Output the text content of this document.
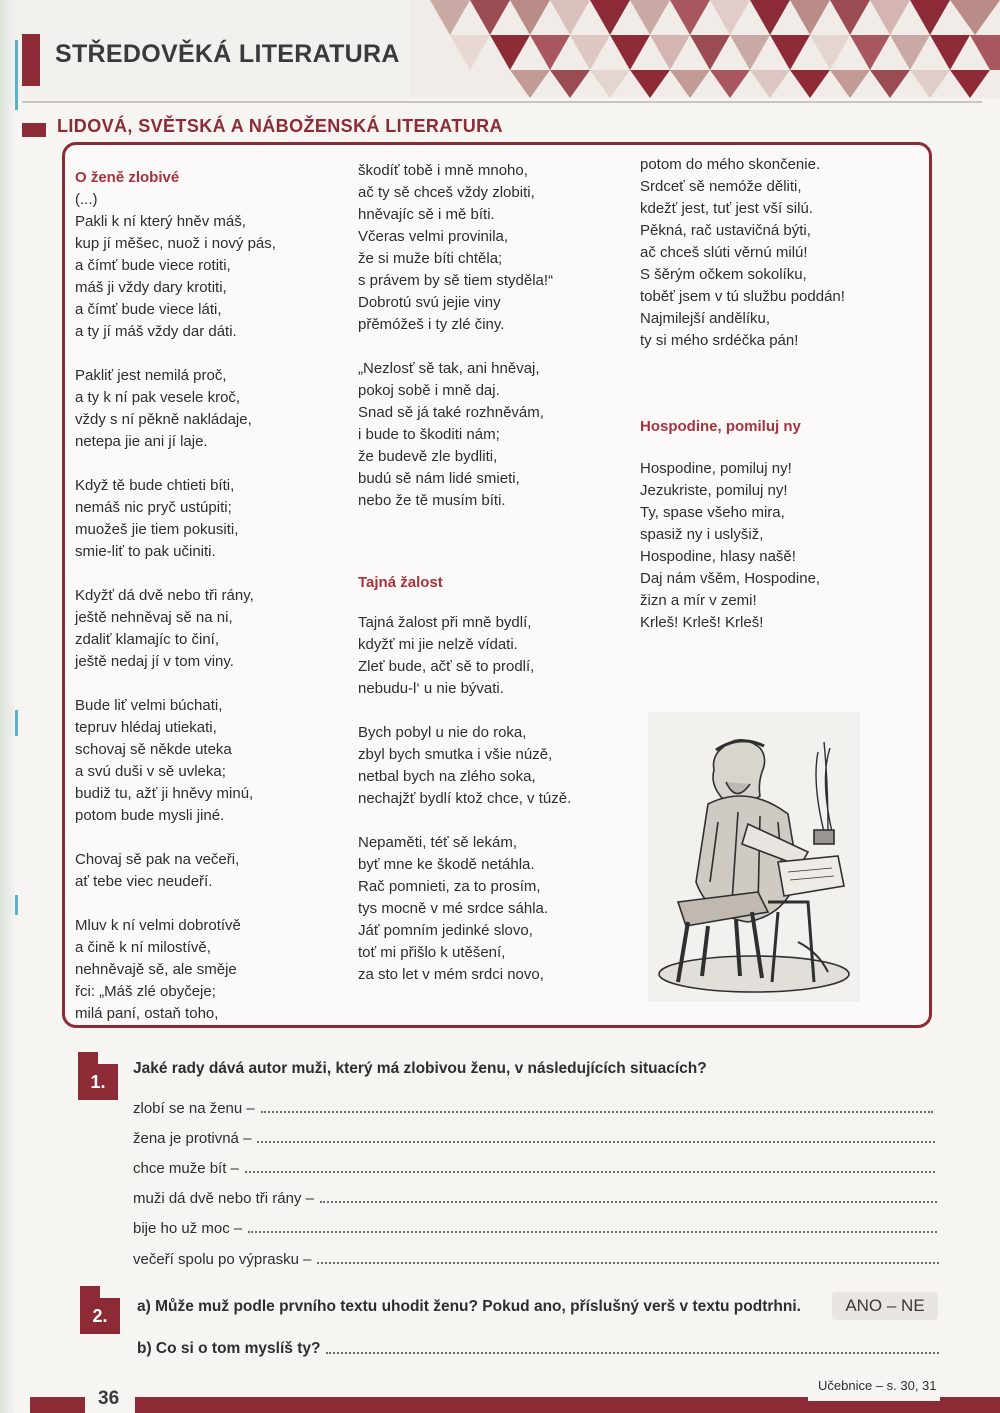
STŘEDOVĚKÁ LITERATURA
LIDOVÁ, SVĚTSKÁ A NÁBOŽENSKÁ LITERATURA
O ženě zlobivé
(...)
Pakli k ní který hněv máš,
kup jí měšec, nuož i nový pás,
a čímť bude viece rotiti,
máš ji vždy dary krotiti,
a čímť bude viece láti,
a ty jí máš vždy dar dáti.
Pakliť jest nemilá proč,
a ty k ní pak vesele kroč,
vždy s ní pěkně nakládaje,
netepa jie ani jí laje.
Když tě bude chtieti bíti,
nemáš nic pryč ustúpiti;
muožeš jie tiem pokusiti,
smie-liť to pak učiniti.
Kdyžť dá dvě nebo tři rány,
ještě nehněvaj sě na ni,
zdaliť klamajíc to činí,
ještě nedaj jí v tom viny.
Bude liť velmi búchati,
tepruv hlédaj utiekati,
schovaj sě někde uteka
a svú duši v sě uvleka;
budiž tu, ažť ji hněvy minú,
potom bude mysli jiné.
Chovaj sě pak na večeři,
ať tebe viec neudeří.
Mluv k ní velmi dobrotívě
a čině k ní milostívě,
nehněvajě sě, ale směje
řci: „Máš zlé obyčeje;
milá paní, ostaň toho,
škodíť tobě i mně mnoho,
ač ty sě chceš vždy zlobiti,
hněvajíc sě i mě bíti.
Včeras velmi provinila,
že si muže bíti chtěla;
s právem by sě tiem styděla!“
Dobrotú svú jejie viny
přěmóžeš i ty zlé činy.
„Nezlosť sě tak, ani hněvaj,
pokoj sobě i mně daj.
Snad sě já také rozhněvám,
i bude to škoditi nám;
že budevě zle bydliti,
budú sě nám lidé smieti,
nebo že tě musím bíti.
Tajná žalost
Tajná žalost při mně bydlí,
kdyžť mi jie nelzě vídati.
Zleť bude, ačť sě to prodlí,
nebudu-l‘ u nie bývati.
Bych pobyl u nie do roka,
zbyl bych smutka i všie núzě,
netbal bych na zlého soka,
nechajžť bydlí ktož chce, v túzě.
Nepaměti, téť sě lekám,
byť mne ke škodě netáhla.
Rač pomnieti, za to prosím,
tys mocně v mé srdce sáhla.
Jáť pomním jedinké slovo,
toť mi přišlo k utěšení,
za sto let v mém srdci novo,
potom do mého skončenie.
Srdceť sě nemóže děliti,
kdežť jest, tuť jest vší silú.
Pěkná, rač ustavičná býti,
ač chceš slúti věrnú milú!
S šěrým očkem sokolíku,
toběť jsem v tú službu poddán!
Najmilejší andělíku,
ty si mého srdéčka pán!
Hospodine, pomiluj ny
Hospodine, pomiluj ny!
Jezukriste, pomiluj ny!
Ty, spase všeho mira,
spasiž ny i uslyšiž,
Hospodine, hlasy našě!
Daj nám všěm, Hospodine,
žizn a mír v zemi!
Krleš! Krleš! Krleš!
1.
Jaké rady dává autor muži, který má zlobivou ženu, v následujících situacích?
zlobí se na ženu –
žena je protivná –
chce muže bít –
muži dá dvě nebo tři rány –
bije ho už moc –
večeří spolu po výprasku –
2.	a) Může muž podle prvního textu uhodit ženu? Pokud ano, příslušný verš v textu podtrhni.	ANO – NE
b) Co si o tom myslíš ty?
36
Učebnice – s. 30, 31
